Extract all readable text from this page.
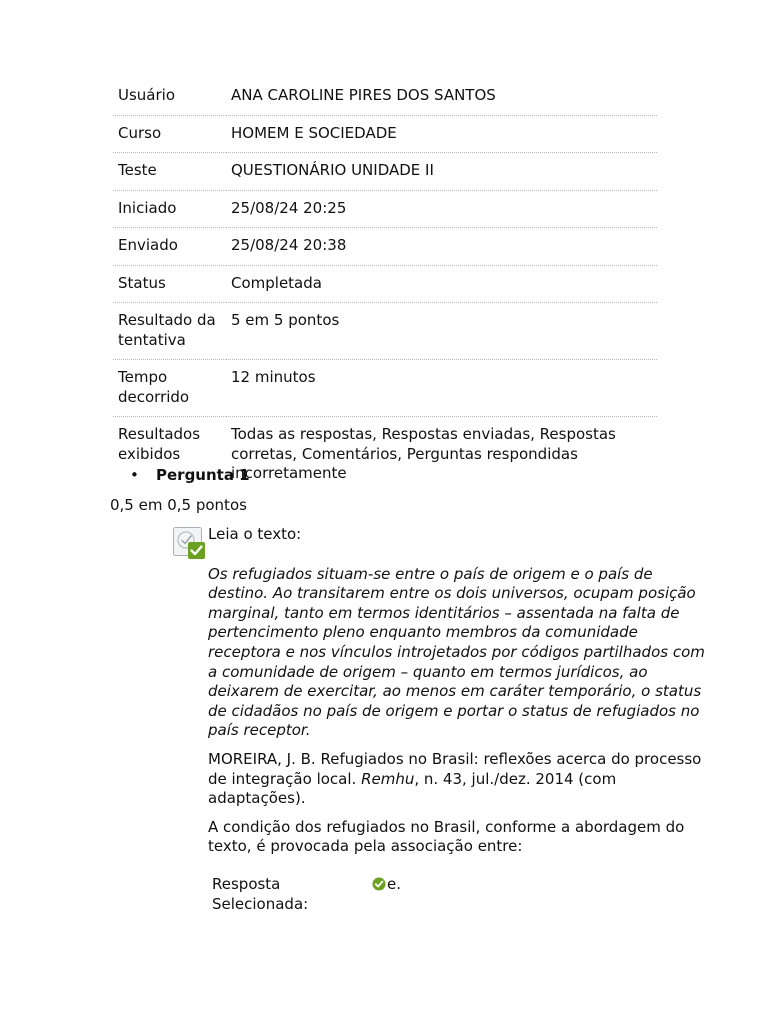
Usuário	ANA CAROLINE PIRES DOS SANTOS
Curso	HOMEM E SOCIEDADE
Teste	QUESTIONÁRIO UNIDADE II
Iniciado	25/08/24 20:25
Enviado	25/08/24 20:38
Status	Completada
Resultado da tentativa	5 em 5 pontos
Tempo decorrido	12 minutos
Resultados exibidos	Todas as respostas, Respostas enviadas, Respostas corretas, Comentários, Perguntas respondidas incorretamente
• Pergunta 1
0,5 em 0,5 pontos

Leia o texto:

Os refugiados situam-se entre o país de origem e o país de destino. Ao transitarem entre os dois universos, ocupam posição marginal, tanto em termos identitários – assentada na falta de pertencimento pleno enquanto membros da comunidade receptora e nos vínculos introjetados por códigos partilhados com a comunidade de origem – quanto em termos jurídicos, ao deixarem de exercitar, ao menos em caráter temporário, o status de cidadãos no país de origem e portar o status de refugiados no país receptor.

MOREIRA, J. B. Refugiados no Brasil: reflexões acerca do processo de integração local. Remhu, n. 43, jul./dez. 2014 (com adaptações).

A condição dos refugiados no Brasil, conforme a abordagem do texto, é provocada pela associação entre:

Resposta Selecionada:	e.
